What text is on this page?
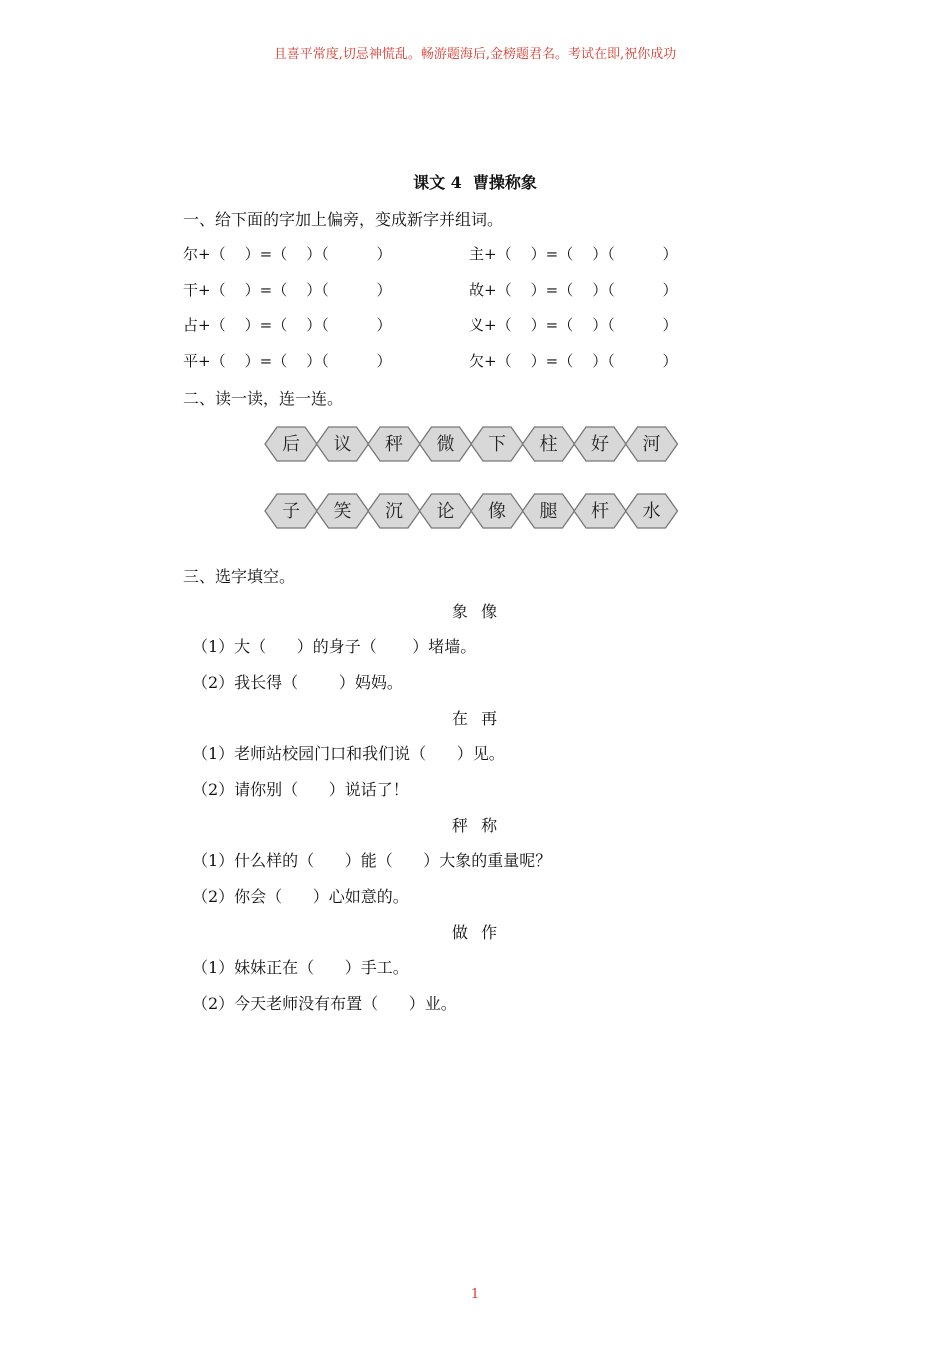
且喜平常度,切忌神慌乱。畅游题海后,金榜题君名。考试在即,祝你成功
课文 4  曹操称象
一、给下面的字加上偏旁，变成新字并组词。
尔+（    ）=（    ）（          ）	主+（    ）=（    ）（          ）
干+（    ）=（    ）（          ）	故+（    ）=（    ）（          ）
占+（    ）=（    ）（          ）	义+（    ）=（    ）（          ）
平+（    ）=（    ）（          ）	欠+（    ）=（    ）（          ）
二、读一读，连一连。
后 议 秤 微 下 柱 好 河
子 笑 沉 论 像 腿 杆 水
三、选字填空。
象  像
（1）大（      ）的身子（       ）堵墙。
（2）我长得（        ）妈妈。
在  再
（1）老师站校园门口和我们说（      ）见。
（2）请你别（      ）说话了！
秤  称
（1）什么样的（      ）能（      ）大象的重量呢？
（2）你会（      ）心如意的。
做  作
（1）妹妹正在（      ）手工。
（2）今天老师没有布置（      ）业。
1
